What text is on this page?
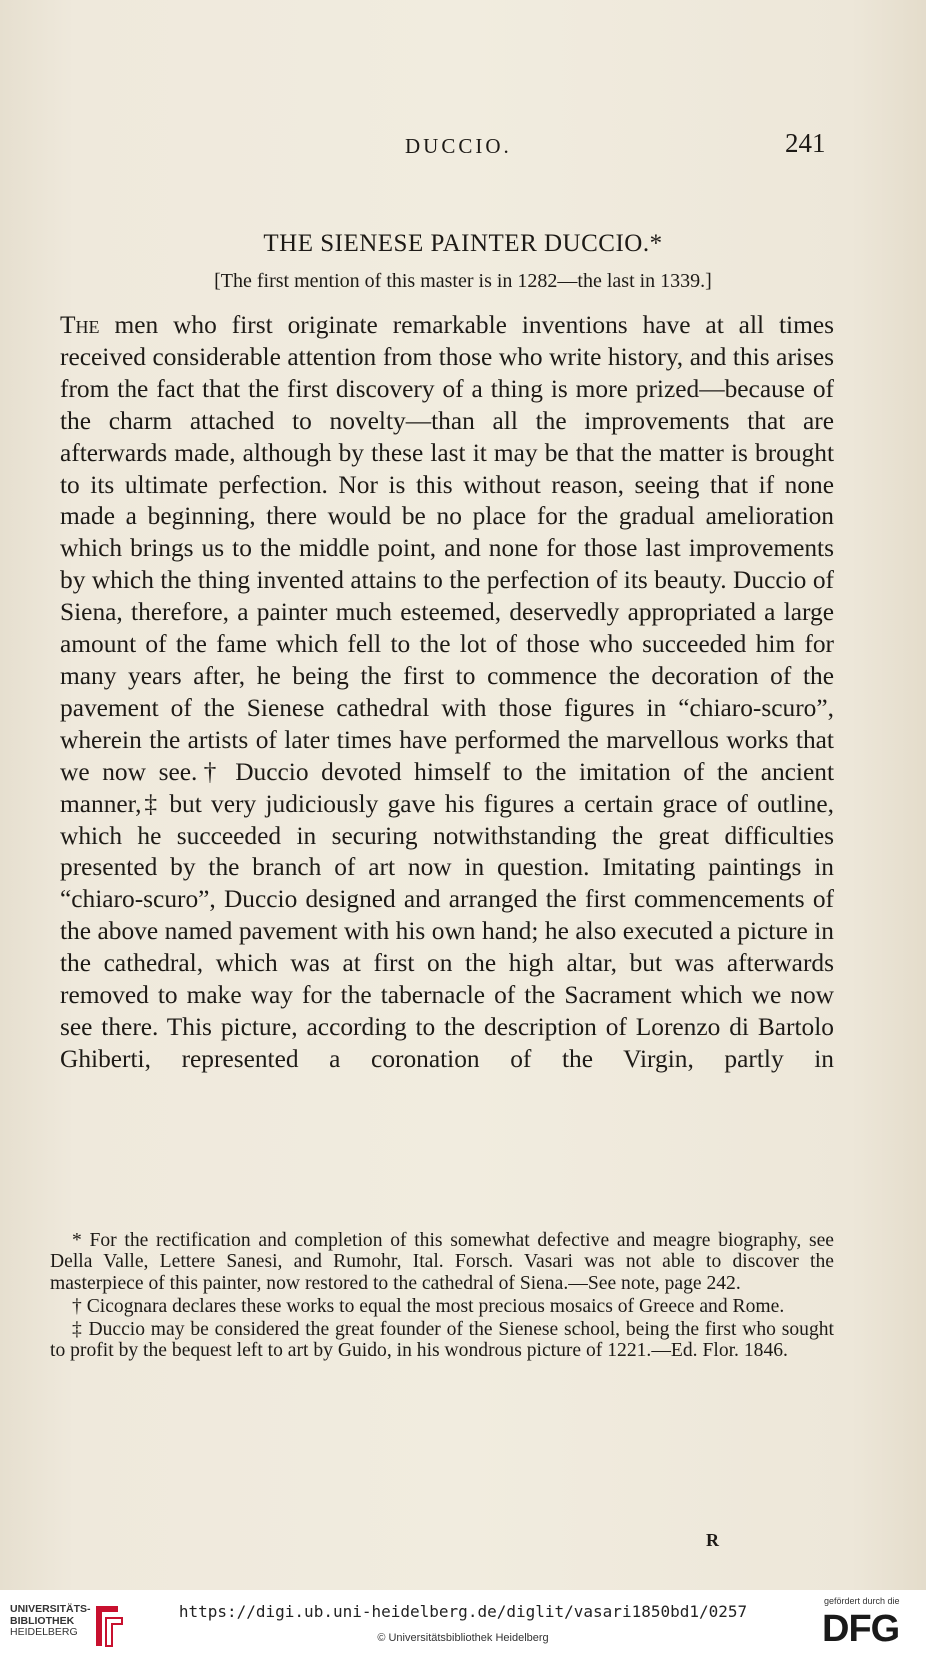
DUCCIO.	241
THE SIENESE PAINTER DUCCIO.*
[The first mention of this master is in 1282—the last in 1339.]
The men who first originate remarkable inventions have at all times received considerable attention from those who write history, and this arises from the fact that the first discovery of a thing is more prized—because of the charm attached to novelty—than all the improvements that are afterwards made, although by these last it may be that the matter is brought to its ultimate perfection. Nor is this without reason, seeing that if none made a beginning, there would be no place for the gradual amelioration which brings us to the middle point, and none for those last improvements by which the thing invented attains to the perfection of its beauty. Duccio of Siena, therefore, a painter much esteemed, deservedly appropriated a large amount of the fame which fell to the lot of those who succeeded him for many years after, he being the first to commence the decoration of the pavement of the Sienese cathedral with those figures in “chiaro-scuro”, wherein the artists of later times have performed the marvellous works that we now see.† Duccio devoted himself to the imitation of the ancient manner,‡ but very judiciously gave his figures a certain grace of outline, which he succeeded in securing notwithstanding the great difficulties presented by the branch of art now in question. Imitating paintings in “chiaro-scuro”, Duccio designed and arranged the first commencements of the above named pavement with his own hand; he also executed a picture in the cathedral, which was at first on the high altar, but was afterwards removed to make way for the tabernacle of the Sacrament which we now see there. This picture, according to the description of Lorenzo di Bartolo Ghiberti, represented a coronation of the Virgin, partly in

* For the rectification and completion of this somewhat defective and meagre biography, see Della Valle, Lettere Sanesi, and Rumohr, Ital. Forsch. Vasari was not able to discover the masterpiece of this painter, now restored to the cathedral of Siena.—See note, page 242.

† Cicognara declares these works to equal the most precious mosaics of Greece and Rome.

‡ Duccio may be considered the great founder of the Sienese school, being the first who sought to profit by the bequest left to art by Guido, in his wondrous picture of 1221.—Ed. Flor. 1846.

R
UNIVERSITÄTS-
BIBLIOTHEK
HEIDELBERG
https://digi.ub.uni-heidelberg.de/diglit/vasari1850bd1/0257
© Universitätsbibliothek Heidelberg
gefördert durch die
DFG
